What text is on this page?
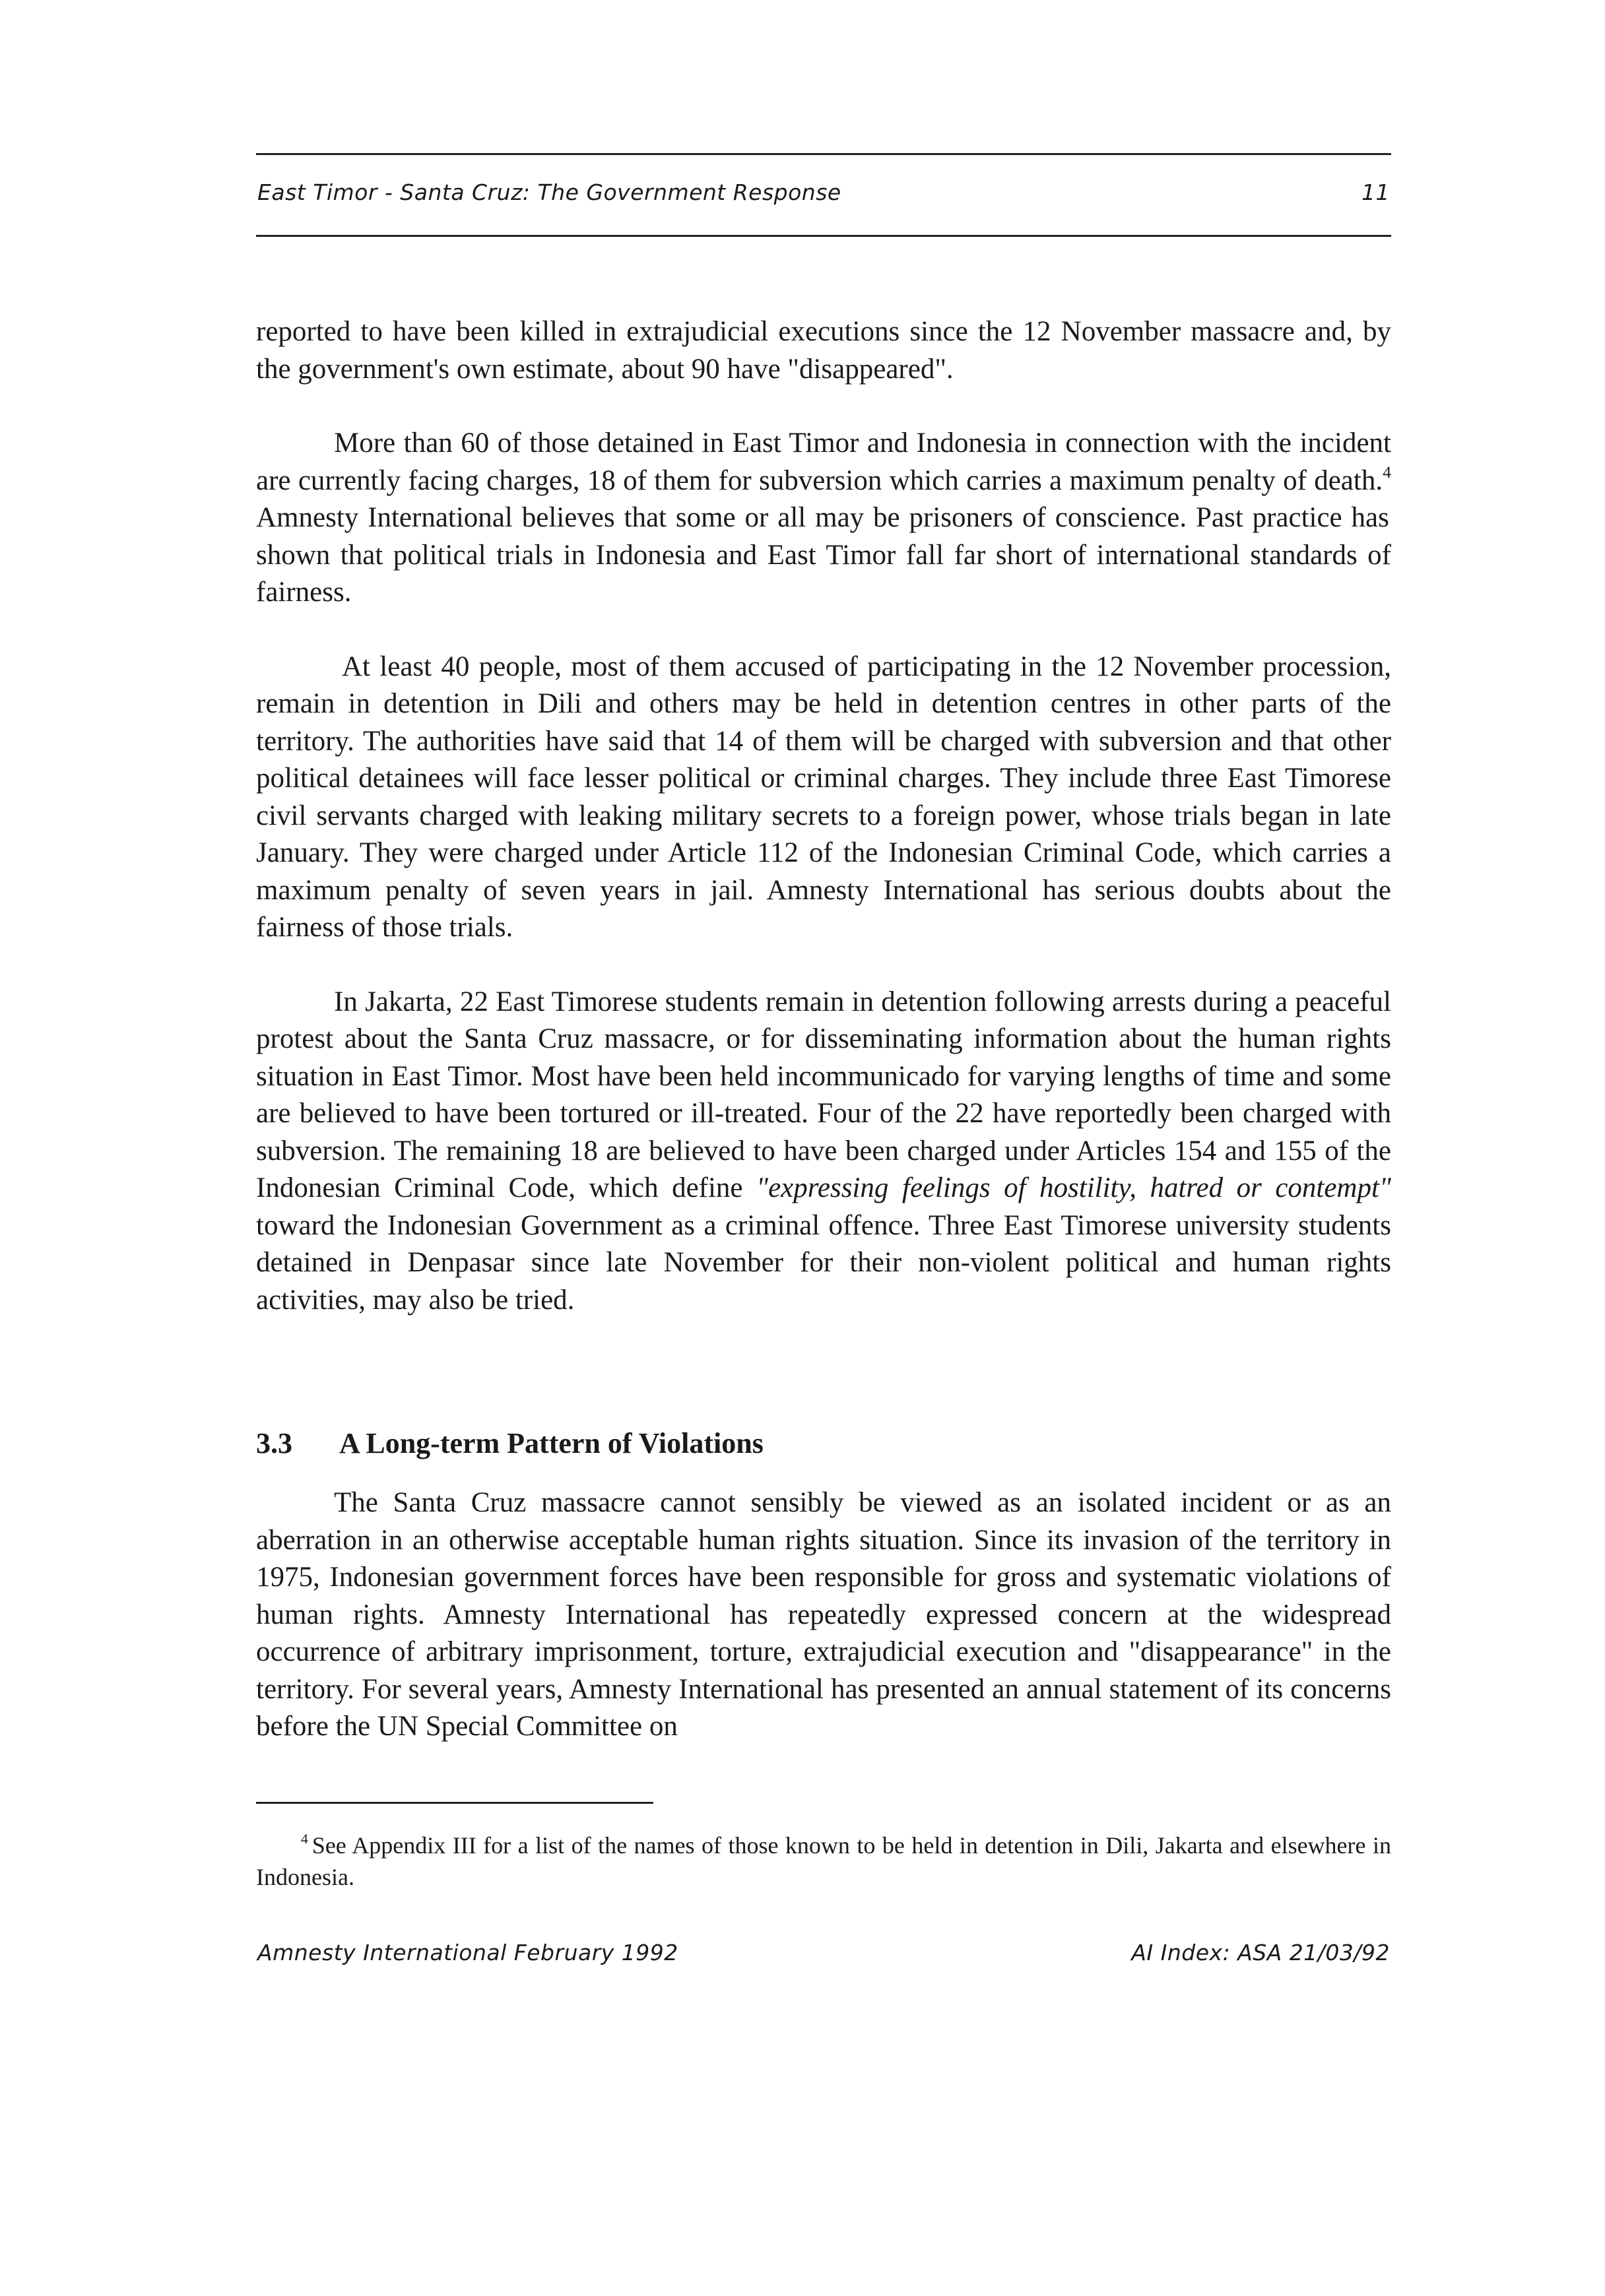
East Timor - Santa Cruz: The Government Response	11

reported to have been killed in extrajudicial executions since the 12 November massacre and, by the government's own estimate, about 90 have "disappeared".

More than 60 of those detained in East Timor and Indonesia in connection with the incident are currently facing charges, 18 of them for subversion which carries a maximum penalty of death.$^4$ Amnesty International believes that some or all may be prisoners of conscience. Past practice has shown that political trials in Indonesia and East Timor fall far short of international standards of fairness.

At least 40 people, most of them accused of participating in the 12 November procession, remain in detention in Dili and others may be held in detention centres in other parts of the territory. The authorities have said that 14 of them will be charged with subversion and that other political detainees will face lesser political or criminal charges. They include three East Timorese civil servants charged with leaking military secrets to a foreign power, whose trials began in late January. They were charged under Article 112 of the Indonesian Criminal Code, which carries a maximum penalty of seven years in jail. Amnesty International has serious doubts about the fairness of those trials.

In Jakarta, 22 East Timorese students remain in detention following arrests during a peaceful protest about the Santa Cruz massacre, or for disseminating information about the human rights situation in East Timor. Most have been held incommunicado for varying lengths of time and some are believed to have been tortured or ill-treated. Four of the 22 have reportedly been charged with subversion. The remaining 18 are believed to have been charged under Articles 154 and 155 of the Indonesian Criminal Code, which define "expressing feelings of hostility, hatred or contempt" toward the Indonesian Government as a criminal offence. Three East Timorese university students detained in Denpasar since late November for their non-violent political and human rights activities, may also be tried.

3.3	A Long-term Pattern of Violations

The Santa Cruz massacre cannot sensibly be viewed as an isolated incident or as an aberration in an otherwise acceptable human rights situation. Since its invasion of the territory in 1975, Indonesian government forces have been responsible for gross and systematic violations of human rights. Amnesty International has repeatedly expressed concern at the widespread occurrence of arbitrary imprisonment, torture, extrajudicial execution and "disappearance" in the territory. For several years, Amnesty International has presented an annual statement of its concerns before the UN Special Committee on

$^4$ See Appendix III for a list of the names of those known to be held in detention in Dili, Jakarta and elsewhere in Indonesia.
Amnesty International February 1992	AI Index: ASA 21/03/92
